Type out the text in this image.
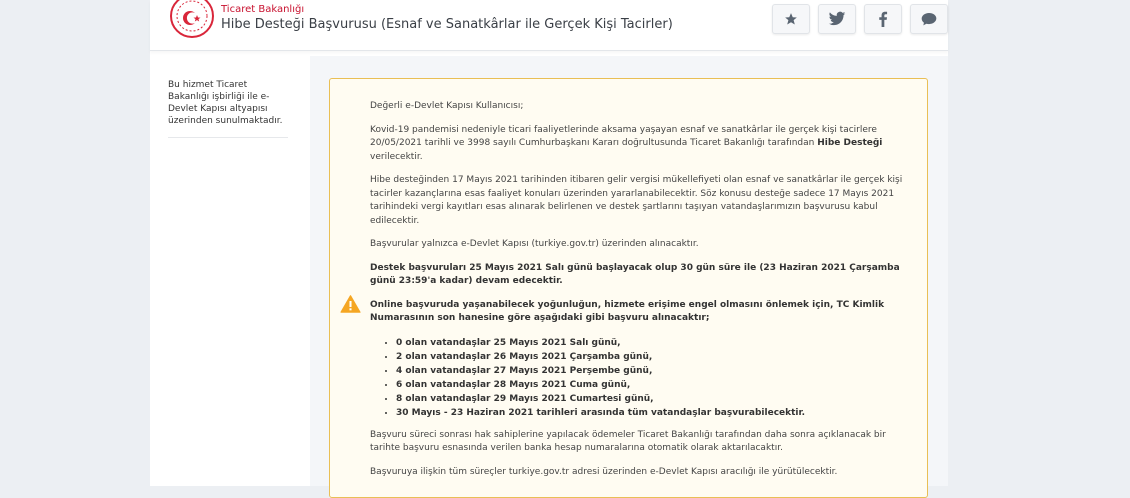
Ticaret Bakanlığı
Hibe Desteği Başvurusu (Esnaf ve Sanatkârlar ile Gerçek Kişi Tacirler)
Bu hizmet Ticaret Bakanlığı işbirliği ile e-Devlet Kapısı altyapısı üzerinden sunulmaktadır.

Değerli e-Devlet Kapısı Kullanıcısı;

Kovid-19 pandemisi nedeniyle ticari faaliyetlerinde aksama yaşayan esnaf ve sanatkârlar ile gerçek kişi tacirlere 20/05/2021 tarihli ve 3998 sayılı Cumhurbaşkanı Kararı doğrultusunda Ticaret Bakanlığı tarafından Hibe Desteği verilecektir.

Hibe desteğinden 17 Mayıs 2021 tarihinden itibaren gelir vergisi mükellefiyeti olan esnaf ve sanatkârlar ile gerçek kişi tacirler kazançlarına esas faaliyet konuları üzerinden yararlanabilecektir. Söz konusu desteğe sadece 17 Mayıs 2021 tarihindeki vergi kayıtları esas alınarak belirlenen ve destek şartlarını taşıyan vatandaşlarımızın başvurusu kabul edilecektir.

Başvurular yalnızca e-Devlet Kapısı (turkiye.gov.tr) üzerinden alınacaktır.

Destek başvuruları 25 Mayıs 2021 Salı günü başlayacak olup 30 gün süre ile (23 Haziran 2021 Çarşamba günü 23:59'a kadar) devam edecektir.

Online başvuruda yaşanabilecek yoğunluğun, hizmete erişime engel olmasını önlemek için, TC Kimlik Numarasının son hanesine göre aşağıdaki gibi başvuru alınacaktır;

• 0 olan vatandaşlar 25 Mayıs 2021 Salı günü,
• 2 olan vatandaşlar 26 Mayıs 2021 Çarşamba günü,
• 4 olan vatandaşlar 27 Mayıs 2021 Perşembe günü,
• 6 olan vatandaşlar 28 Mayıs 2021 Cuma günü,
• 8 olan vatandaşlar 29 Mayıs 2021 Cumartesi günü,
• 30 Mayıs - 23 Haziran 2021 tarihleri arasında tüm vatandaşlar başvurabilecektir.

Başvuru süreci sonrası hak sahiplerine yapılacak ödemeler Ticaret Bakanlığı tarafından daha sonra açıklanacak bir tarihte başvuru esnasında verilen banka hesap numaralarına otomatik olarak aktarılacaktır.

Başvuruya ilişkin tüm süreçler turkiye.gov.tr adresi üzerinden e-Devlet Kapısı aracılığı ile yürütülecektir.
